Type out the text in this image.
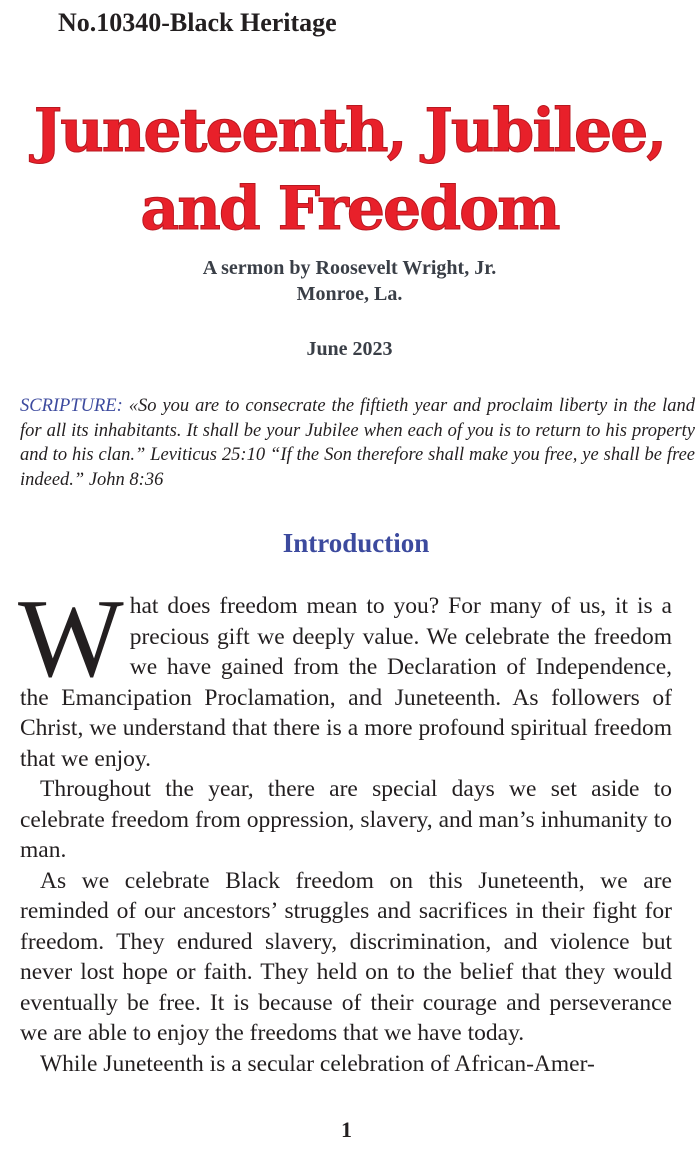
No.10340-Black Heritage
Juneteenth, Jubilee,
and Freedom
A sermon by Roosevelt Wright, Jr.
Monroe, La.
June 2023
SCRIPTURE: «So you are to consecrate the fiftieth year and proclaim liberty in the land for all its inhabitants. It shall be your Jubilee when each of you is to return to his property and to his clan.” Leviticus 25:10 “If the Son therefore shall make you free, ye shall be free indeed.” John 8:36
Introduction

What does freedom mean to you? For many of us, it is a precious gift we deeply value. We celebrate the freedom we have gained from the Declaration of Independence, the Emancipation Proclamation, and Juneteenth. As followers of Christ, we understand that there is a more profound spiritual freedom that we enjoy.

Throughout the year, there are special days we set aside to celebrate freedom from oppression, slavery, and man’s inhumanity to man.

As we celebrate Black freedom on this Juneteenth, we are reminded of our ancestors’ struggles and sacrifices in their fight for freedom. They endured slavery, discrimination, and violence but never lost hope or faith. They held on to the belief that they would eventually be free. It is because of their courage and perseverance we are able to enjoy the freedoms that we have today.

While Juneteenth is a secular celebration of African-Amer-

1
